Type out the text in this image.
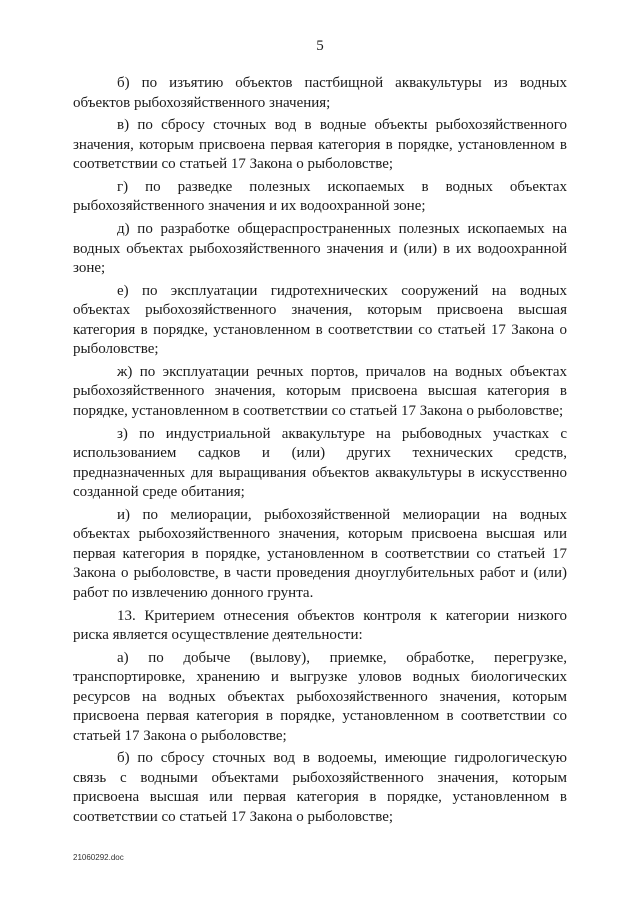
5

б) по изъятию объектов пастбищной аквакультуры из водных объектов рыбохозяйственного значения;

в) по сбросу сточных вод в водные объекты рыбохозяйственного значения, которым присвоена первая категория в порядке, установленном в соответствии со статьей 17 Закона о рыболовстве;

г) по разведке полезных ископаемых в водных объектах рыбохозяйственного значения и их водоохранной зоне;

д) по разработке общераспространенных полезных ископаемых на водных объектах рыбохозяйственного значения и (или) в их водоохранной зоне;

е) по эксплуатации гидротехнических сооружений на водных объектах рыбохозяйственного значения, которым присвоена высшая категория в порядке, установленном в соответствии со статьей 17 Закона о рыболовстве;

ж) по эксплуатации речных портов, причалов на водных объектах рыбохозяйственного значения, которым присвоена высшая категория в порядке, установленном в соответствии со статьей 17 Закона о рыболовстве;

з) по индустриальной аквакультуре на рыбоводных участках с использованием садков и (или) других технических средств, предназначенных для выращивания объектов аквакультуры в искусственно созданной среде обитания;

и) по мелиорации, рыбохозяйственной мелиорации на водных объектах рыбохозяйственного значения, которым присвоена высшая или первая категория в порядке, установленном в соответствии со статьей 17 Закона о рыболовстве, в части проведения дноуглубительных работ и (или) работ по извлечению донного грунта.

13. Критерием отнесения объектов контроля к категории низкого риска является осуществление деятельности:

а) по добыче (вылову), приемке, обработке, перегрузке, транспортировке, хранению и выгрузке уловов водных биологических ресурсов на водных объектах рыбохозяйственного значения, которым присвоена первая категория в порядке, установленном в соответствии со статьей 17 Закона о рыболовстве;

б) по сбросу сточных вод в водоемы, имеющие гидрологическую связь с водными объектами рыбохозяйственного значения, которым присвоена высшая или первая категория в порядке, установленном в соответствии со статьей 17 Закона о рыболовстве;

21060292.doc
